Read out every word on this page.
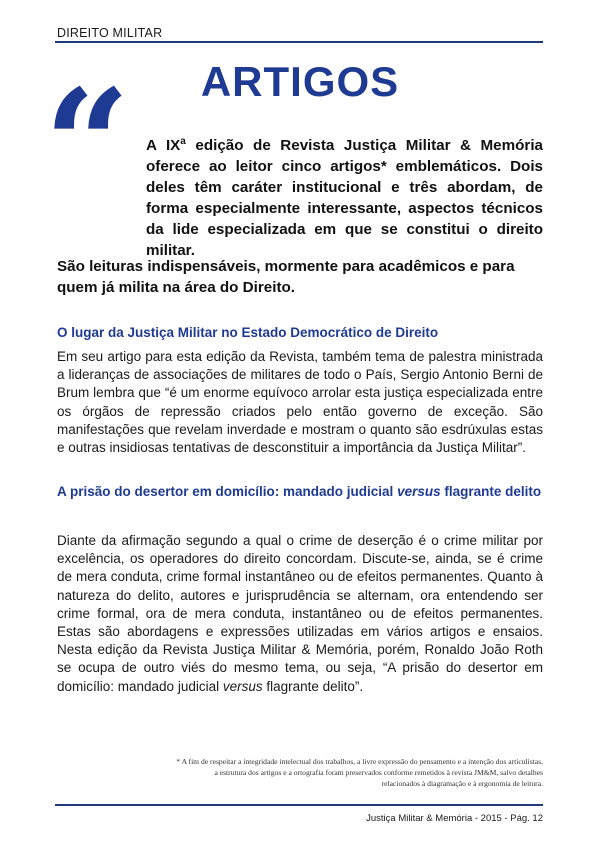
DIREITO MILITAR
ARTIGOS
“ A $IX^a$ edição de Revista Justiça Militar & Memória oferece ao leitor cinco artigos* emblemáticos. Dois deles têm caráter institucional e três abordam, de forma especialmente interessante, aspectos técnicos da lide especializada em que se constitui o direito militar.
São leituras indispensáveis, mormente para acadêmicos e para quem já milita na área do Direito.
O lugar da Justiça Militar no Estado Democrático de Direito
Em seu artigo para esta edição da Revista, também tema de palestra ministrada a lideranças de associações de militares de todo o País, Sergio Antonio Berni de Brum lembra que “é um enorme equívoco arrolar esta justiça especializada entre os órgãos de repressão criados pelo então governo de exceção. São manifestações que revelam inverdade e mostram o quanto são esdrúxulas estas e outras insidiosas tentativas de desconstituir a importância da Justiça Militar”.
A prisão do desertor em domicílio: mandado judicial versus flagrante delito
Diante da afirmação segundo a qual o crime de deserção é o crime militar por excelência, os operadores do direito concordam. Discute-se, ainda, se é crime de mera conduta, crime formal instantâneo ou de efeitos permanentes. Quanto à natureza do delito, autores e jurisprudência se alternam, ora entendendo ser crime formal, ora de mera conduta, instantâneo ou de efeitos permanentes. Estas são abordagens e expressões utilizadas em vários artigos e ensaios. Nesta edição da Revista Justiça Militar & Memória, porém, Ronaldo João Roth se ocupa de outro viés do mesmo tema, ou seja, “A prisão do desertor em domicílio: mandado judicial versus flagrante delito”.
* A fim de respeitar a integridade intelectual dos trabalhos, a livre expressão do pensamento e a intenção dos articulistas,
a estrutura dos artigos e a ortografia foram preservados conforme remetidos à revista JM&M, salvo detalhes
relacionados à diagramação e à ergonomia de leitura.
Justiça Militar & Memória - 2015 - Pág. 12
